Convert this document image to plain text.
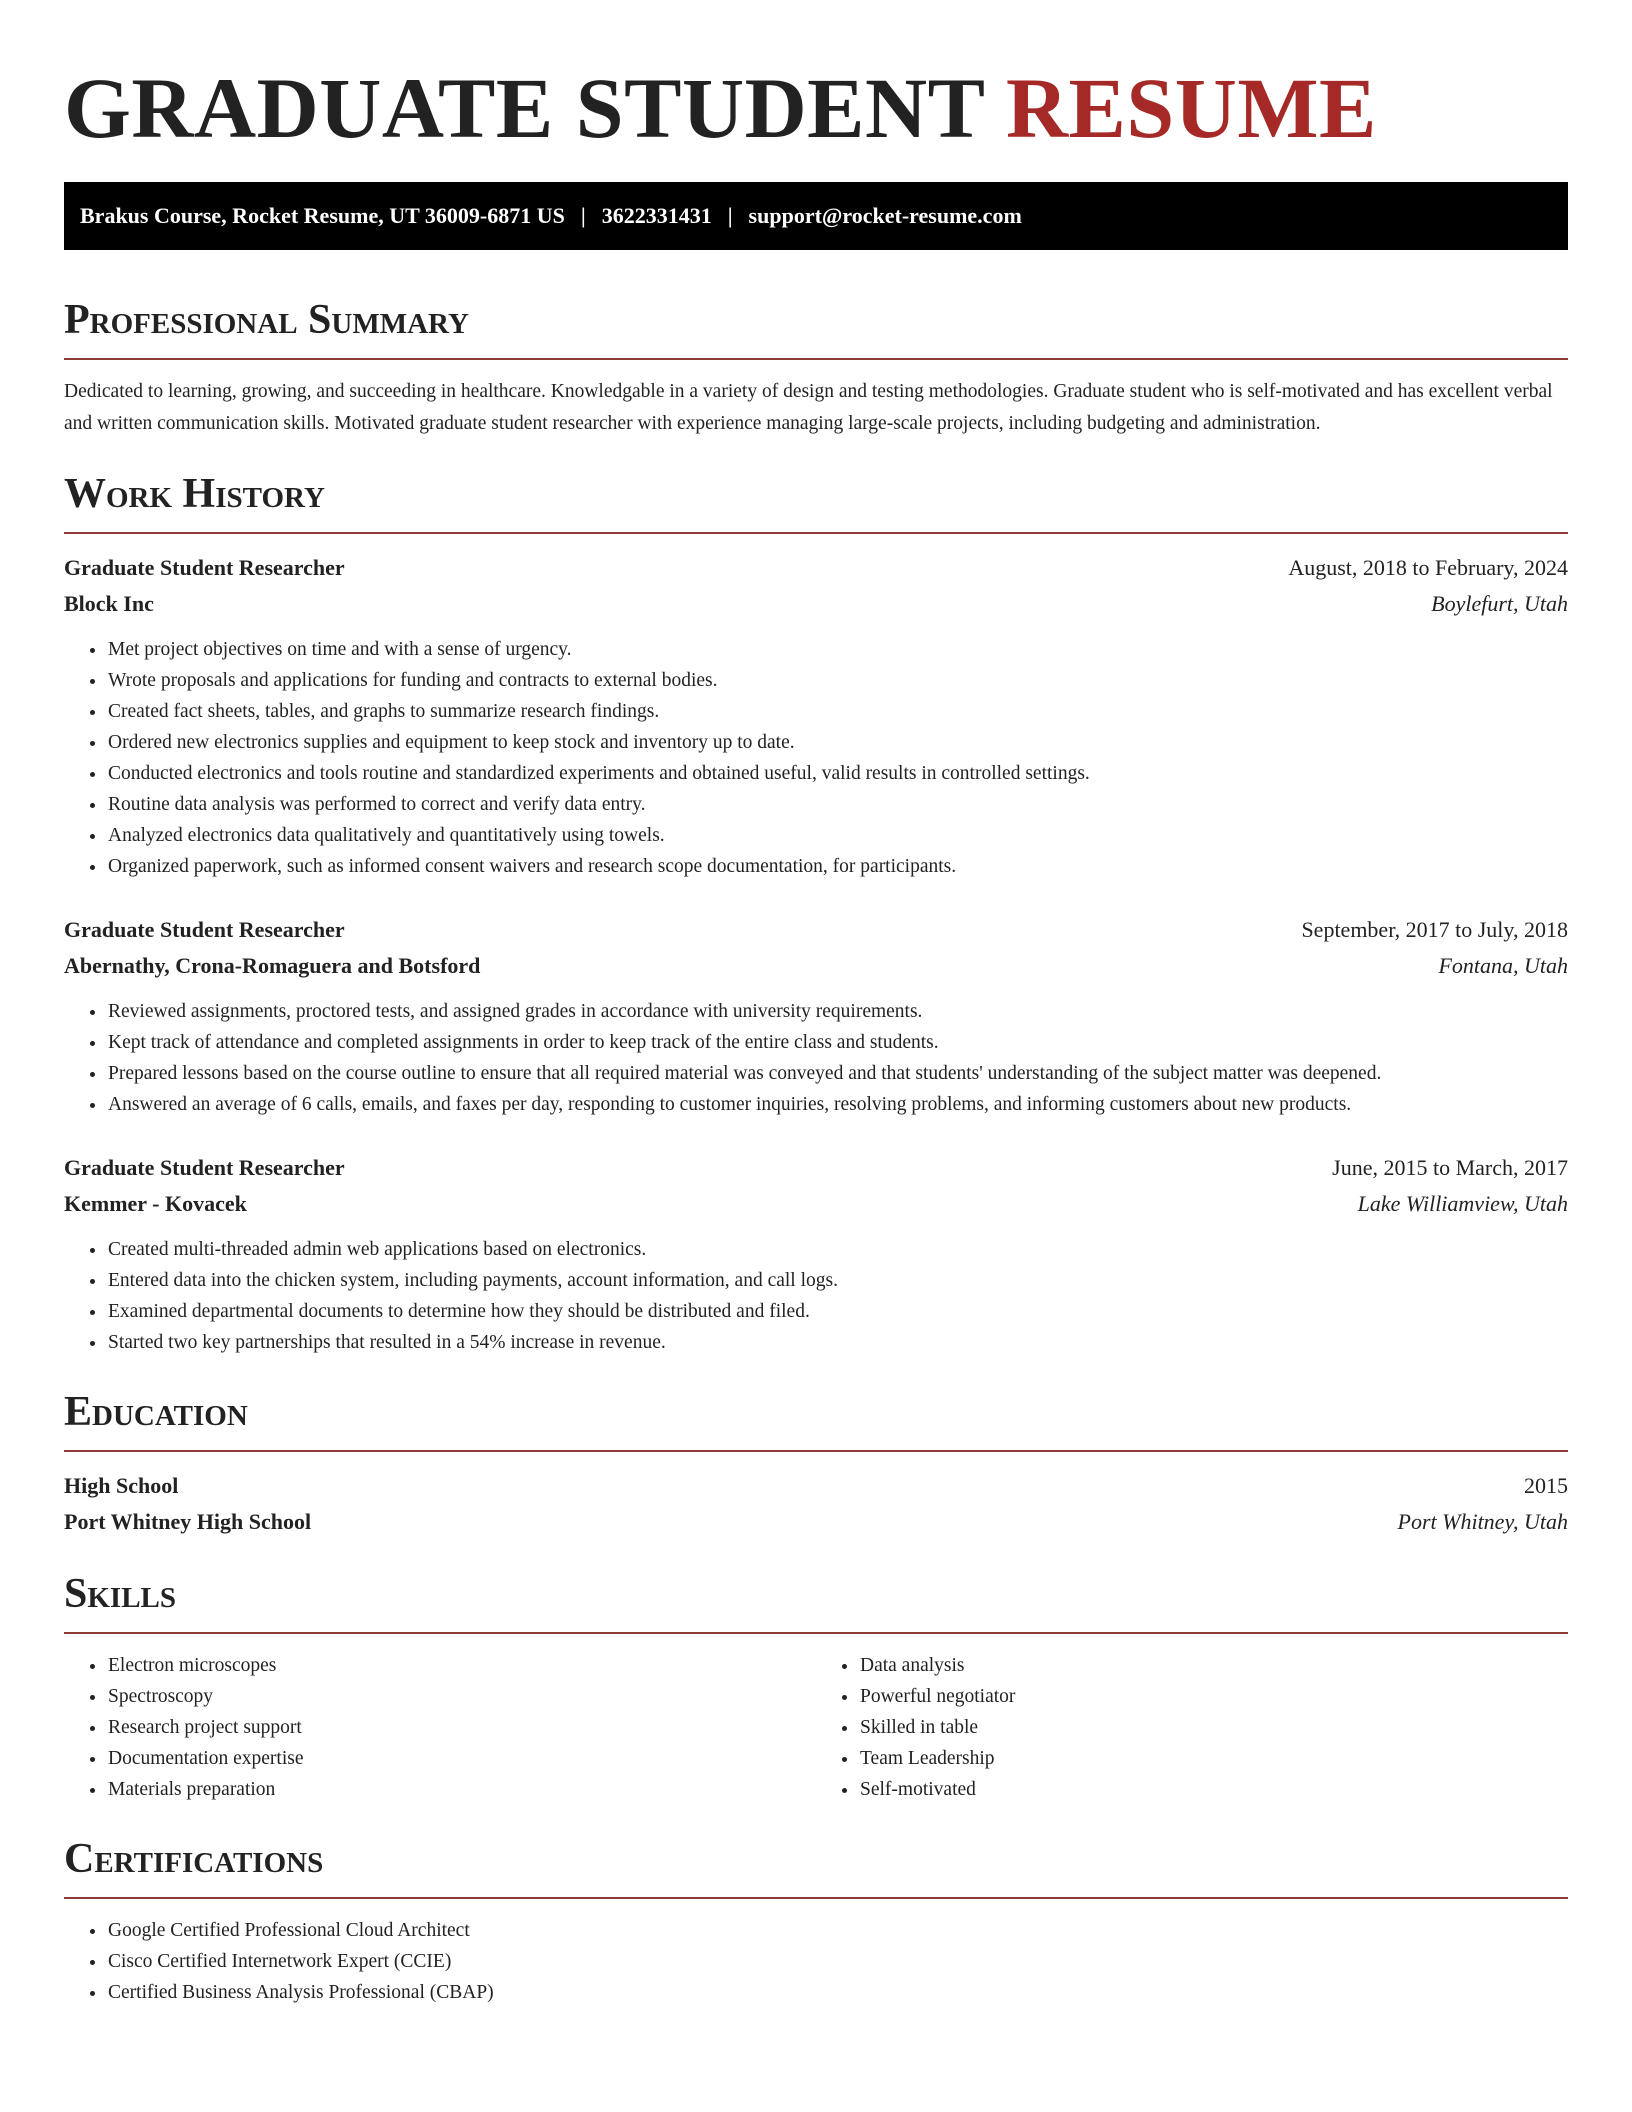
GRADUATE STUDENT RESUME
Brakus Course, Rocket Resume, UT 36009-6871 US | 3622331431 | support@rocket-resume.com
Professional Summary

Dedicated to learning, growing, and succeeding in healthcare. Knowledgable in a variety of design and testing methodologies. Graduate student who is self-motivated and has excellent verbal and written communication skills. Motivated graduate student researcher with experience managing large-scale projects, including budgeting and administration.

Work History
Graduate Student Researcher	August, 2018 to February, 2024
Block Inc	Boylefurt, Utah
• Met project objectives on time and with a sense of urgency.
• Wrote proposals and applications for funding and contracts to external bodies.
• Created fact sheets, tables, and graphs to summarize research findings.
• Ordered new electronics supplies and equipment to keep stock and inventory up to date.
• Conducted electronics and tools routine and standardized experiments and obtained useful, valid results in controlled settings.
• Routine data analysis was performed to correct and verify data entry.
• Analyzed electronics data qualitatively and quantitatively using towels.
• Organized paperwork, such as informed consent waivers and research scope documentation, for participants.
Graduate Student Researcher	September, 2017 to July, 2018
Abernathy, Crona-Romaguera and Botsford	Fontana, Utah
• Reviewed assignments, proctored tests, and assigned grades in accordance with university requirements.
• Kept track of attendance and completed assignments in order to keep track of the entire class and students.
• Prepared lessons based on the course outline to ensure that all required material was conveyed and that students' understanding of the subject matter was deepened.
• Answered an average of 6 calls, emails, and faxes per day, responding to customer inquiries, resolving problems, and informing customers about new products.
Graduate Student Researcher	June, 2015 to March, 2017
Kemmer - Kovacek	Lake Williamview, Utah
• Created multi-threaded admin web applications based on electronics.
• Entered data into the chicken system, including payments, account information, and call logs.
• Examined departmental documents to determine how they should be distributed and filed.
• Started two key partnerships that resulted in a 54% increase in revenue.
Education
High School	2015
Port Whitney High School	Port Whitney, Utah
Skills
• Electron microscopes
• Spectroscopy
• Research project support
• Documentation expertise
• Materials preparation
• Data analysis
• Powerful negotiator
• Skilled in table
• Team Leadership
• Self-motivated
Certifications
• Google Certified Professional Cloud Architect
• Cisco Certified Internetwork Expert (CCIE)
• Certified Business Analysis Professional (CBAP)
